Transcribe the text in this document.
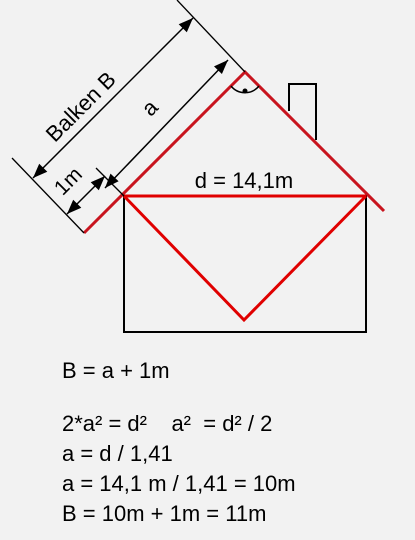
Balken B a
1m	d = 14,1m
B = a + 1m
2*a² = d²    a²  = d² / 2
a = d / 1,41
a = 14,1 m / 1,41 = 10m
B = 10m + 1m = 11m
